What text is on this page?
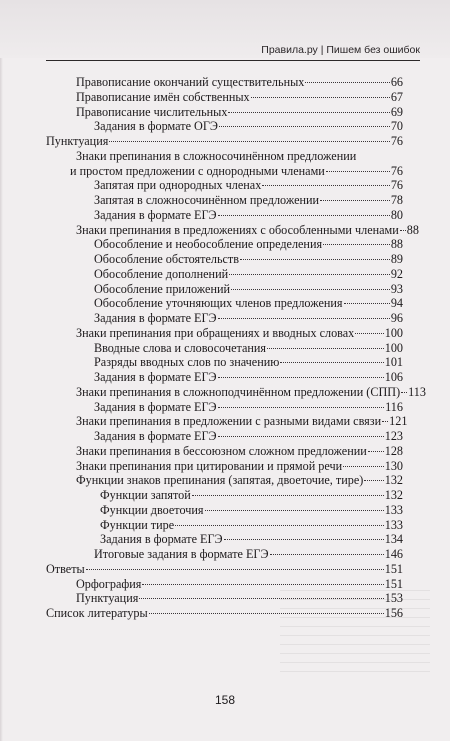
Правила.ру | Пишем без ошибок
Правописание окончаний существительных	66
Правописание имён собственных	67
Правописание числительных	69
Задания в формате ОГЭ	70
Пунктуация	76
Знаки препинания в сложносочинённом предложении
и простом предложении с однородными членами	76
Запятая при однородных членах	76
Запятая в сложносочинённом предложении	78
Задания в формате ЕГЭ	80
Знаки препинания в предложениях с обособленными членами 88
Обособление и необособление определения	88
Обособление обстоятельств	89
Обособление дополнений	92
Обособление приложений	93
Обособление уточняющих членов предложения	94
Задания в формате ЕГЭ	96
Знаки препинания при обращениях и вводных словах 100
Вводные слова и словосочетания	100
Разряды вводных слов по значению	101
Задания в формате ЕГЭ	106
Знаки препинания в сложноподчинённом предложении (СПП) 113
Задания в формате ЕГЭ	116
Знаки препинания в предложении с разными видами связи 121
Задания в формате ЕГЭ	123
Знаки препинания в бессоюзном сложном предложении 128
Знаки препинания при цитировании и прямой речи	130
Функции знаков препинания (запятая, двоеточие, тире) 132
Функции запятой	132
Функции двоеточия	133
Функции тире	133
Задания в формате ЕГЭ	134
Итоговые задания в формате ЕГЭ	146
Ответы	151
Орфография	151
Пунктуация	153
Список литературы	156
158
